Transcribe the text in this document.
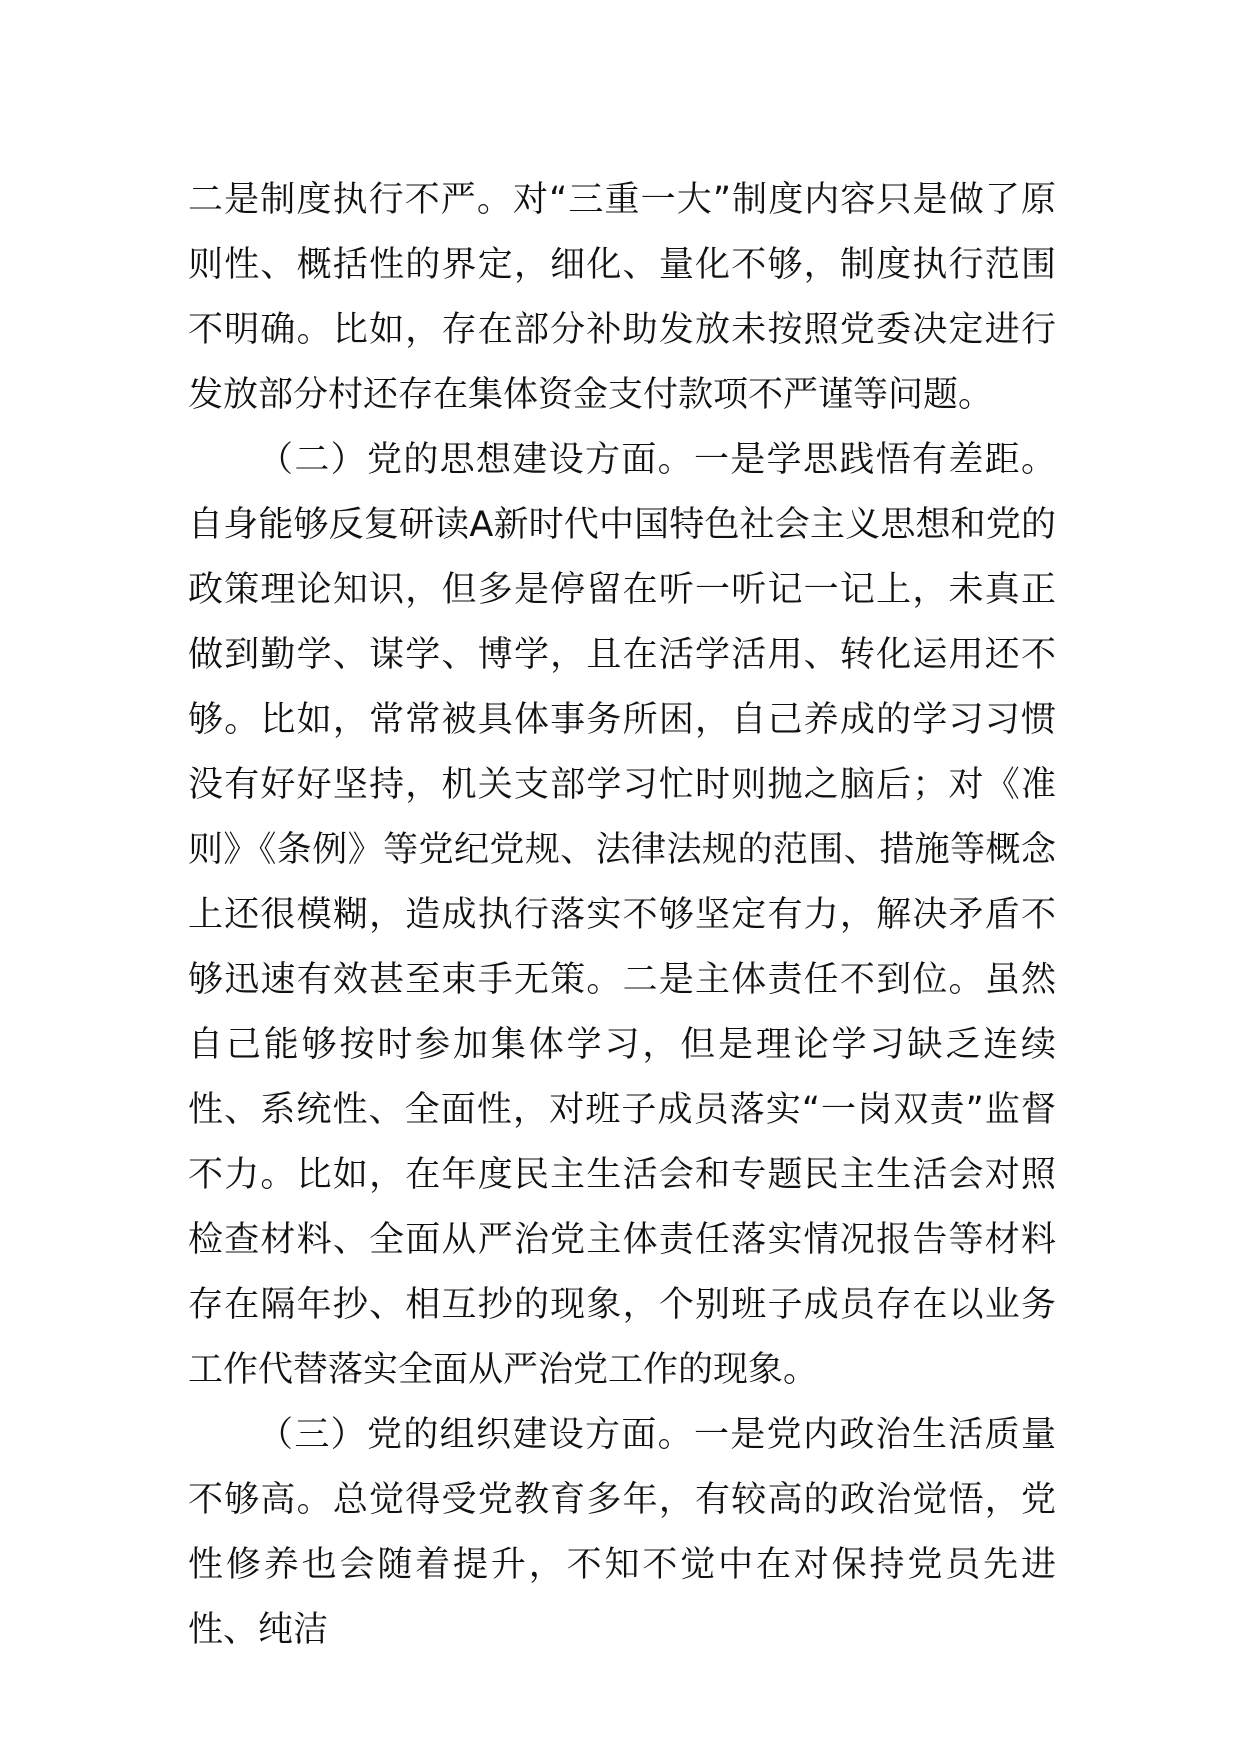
二是制度执行不严。对“三重一大”制度内容只是做了原则性、概括性的界定，细化、量化不够，制度执行范围不明确。比如，存在部分补助发放未按照党委决定进行发放部分村还存在集体资金支付款项不严谨等问题。

（二）党的思想建设方面。一是学思践悟有差距。自身能够反复研读A新时代中国特色社会主义思想和党的政策理论知识，但多是停留在听一听记一记上，未真正做到勤学、谋学、博学，且在活学活用、转化运用还不够。比如，常常被具体事务所困，自己养成的学习习惯没有好好坚持，机关支部学习忙时则抛之脑后；对《准则》《条例》等党纪党规、法律法规的范围、措施等概念上还很模糊，造成执行落实不够坚定有力，解决矛盾不够迅速有效甚至束手无策。二是主体责任不到位。虽然自己能够按时参加集体学习，但是理论学习缺乏连续性、系统性、全面性，对班子成员落实“一岗双责”监督不力。比如，在年度民主生活会和专题民主生活会对照检查材料、全面从严治党主体责任落实情况报告等材料存在隔年抄、相互抄的现象，个别班子成员存在以业务工作代替落实全面从严治党工作的现象。

（三）党的组织建设方面。一是党内政治生活质量不够高。总觉得受党教育多年，有较高的政治觉悟，党性修养也会随着提升，不知不觉中在对保持党员先进性、纯洁
